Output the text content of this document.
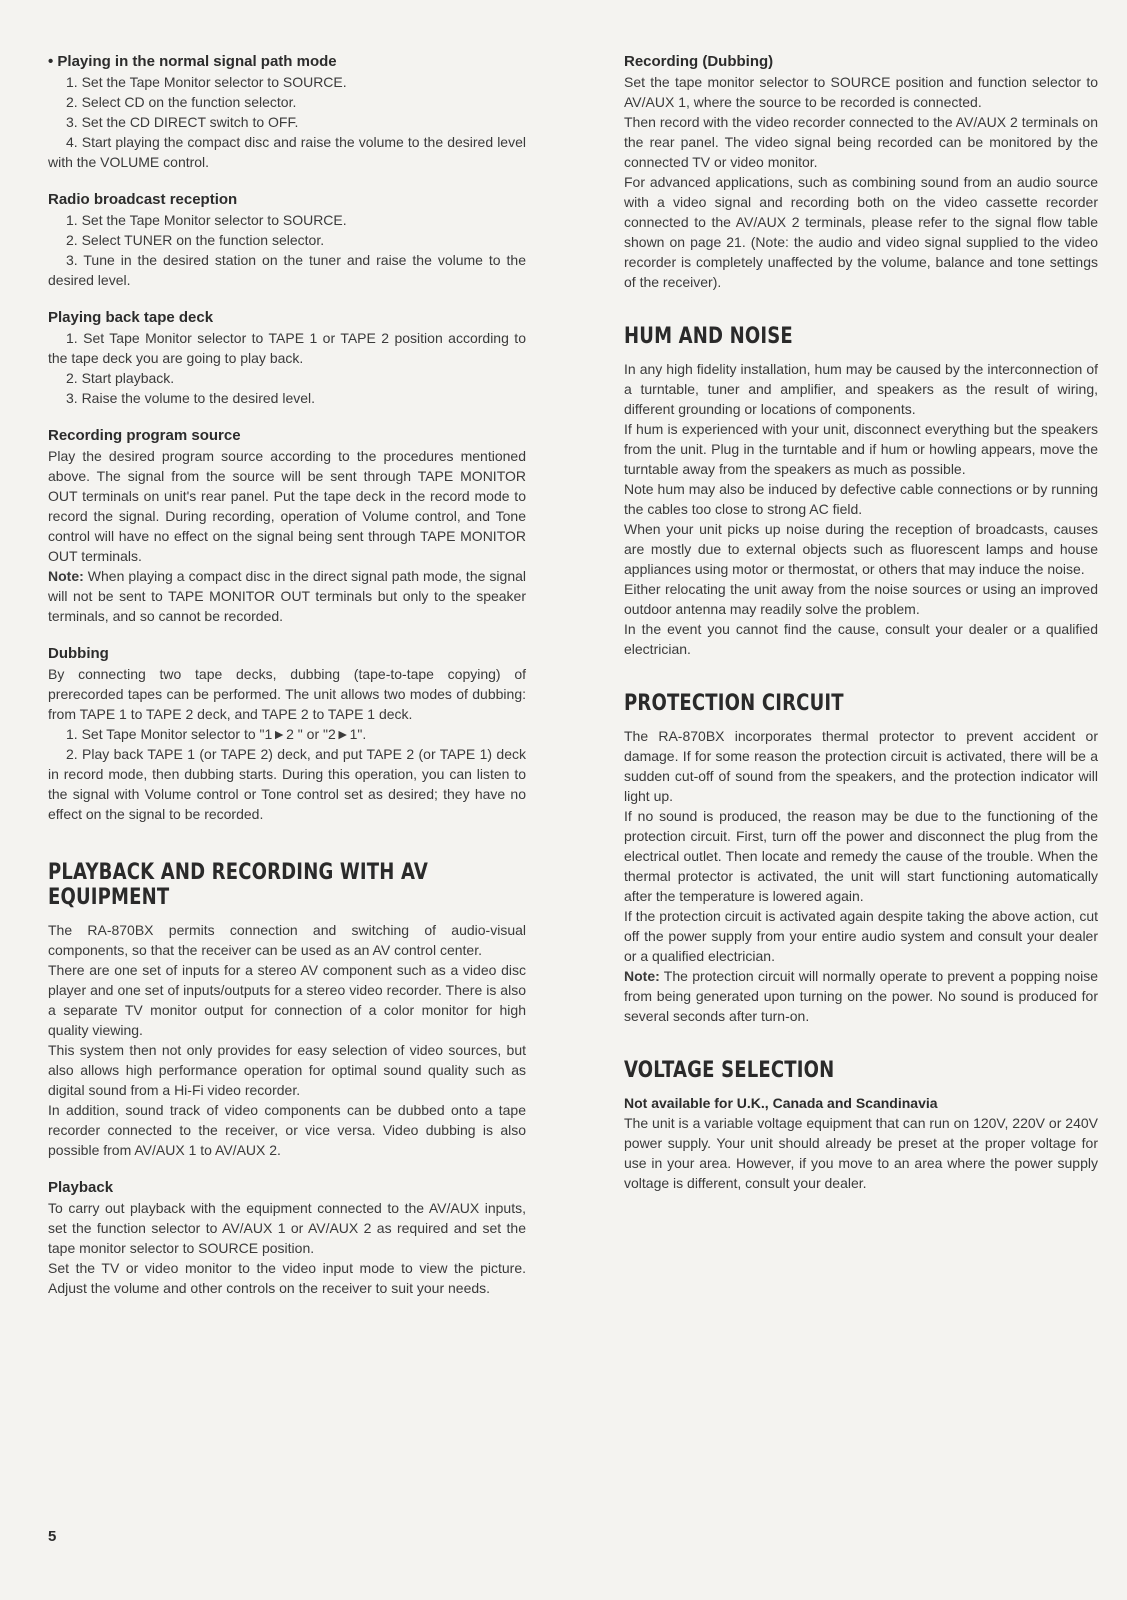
• Playing in the normal signal path mode

1. Set the Tape Monitor selector to SOURCE.

2. Select CD on the function selector.

3. Set the CD DIRECT switch to OFF.

4. Start playing the compact disc and raise the volume to the desired level with the VOLUME control.

Radio broadcast reception

1. Set the Tape Monitor selector to SOURCE.

2. Select TUNER on the function selector.

3. Tune in the desired station on the tuner and raise the volume to the desired level.

Playing back tape deck

1. Set Tape Monitor selector to TAPE 1 or TAPE 2 position according to the tape deck you are going to play back.

2. Start playback.

3. Raise the volume to the desired level.

Recording program source

Play the desired program source according to the procedures mentioned above. The signal from the source will be sent through TAPE MONITOR OUT terminals on unit's rear panel. Put the tape deck in the record mode to record the signal. During recording, operation of Volume control, and Tone control will have no effect on the signal being sent through TAPE MONITOR OUT terminals.

Note: When playing a compact disc in the direct signal path mode, the signal will not be sent to TAPE MONITOR OUT terminals but only to the speaker terminals, and so cannot be recorded.

Dubbing

By connecting two tape decks, dubbing (tape-to-tape copying) of prerecorded tapes can be performed. The unit allows two modes of dubbing: from TAPE 1 to TAPE 2 deck, and TAPE 2 to TAPE 1 deck.

1. Set Tape Monitor selector to "1►2 " or "2►1".

2. Play back TAPE 1 (or TAPE 2) deck, and put TAPE 2 (or TAPE 1) deck in record mode, then dubbing starts. During this operation, you can listen to the signal with Volume control or Tone control set as desired; they have no effect on the signal to be recorded.

PLAYBACK AND RECORDING WITH AV

EQUIPMENT

The RA-870BX permits connection and switching of audio-visual components, so that the receiver can be used as an AV control center.

There are one set of inputs for a stereo AV component such as a video disc player and one set of inputs/outputs for a stereo video recorder. There is also a separate TV monitor output for connection of a color monitor for high quality viewing.

This system then not only provides for easy selection of video sources, but also allows high performance operation for optimal sound quality such as digital sound from a Hi-Fi video recorder.

In addition, sound track of video components can be dubbed onto a tape recorder connected to the receiver, or vice versa. Video dubbing is also possible from AV/AUX 1 to AV/AUX 2.

Playback

To carry out playback with the equipment connected to the AV/AUX inputs, set the function selector to AV/AUX 1 or AV/AUX 2 as required and set the tape monitor selector to SOURCE position.

Set the TV or video monitor to the video input mode to view the picture. Adjust the volume and other controls on the receiver to suit your needs.

Recording (Dubbing)

Set the tape monitor selector to SOURCE position and function selector to AV/AUX 1, where the source to be recorded is connected.

Then record with the video recorder connected to the AV/AUX 2 terminals on the rear panel. The video signal being recorded can be monitored by the connected TV or video monitor.

For advanced applications, such as combining sound from an audio source with a video signal and recording both on the video cassette recorder connected to the AV/AUX 2 terminals, please refer to the signal flow table shown on page 21. (Note: the audio and video signal supplied to the video recorder is completely unaffected by the volume, balance and tone settings of the receiver).

HUM AND NOISE

In any high fidelity installation, hum may be caused by the interconnection of a turntable, tuner and amplifier, and speakers as the result of wiring, different grounding or locations of components.

If hum is experienced with your unit, disconnect everything but the speakers from the unit. Plug in the turntable and if hum or howling appears, move the turntable away from the speakers as much as possible.

Note hum may also be induced by defective cable connections or by running the cables too close to strong AC field.

When your unit picks up noise during the reception of broadcasts, causes are mostly due to external objects such as fluorescent lamps and house appliances using motor or thermostat, or others that may induce the noise.

Either relocating the unit away from the noise sources or using an improved outdoor antenna may readily solve the problem.

In the event you cannot find the cause, consult your dealer or a qualified electrician.

PROTECTION CIRCUIT

The RA-870BX incorporates thermal protector to prevent accident or damage. If for some reason the protection circuit is activated, there will be a sudden cut-off of sound from the speakers, and the protection indicator will light up.

If no sound is produced, the reason may be due to the functioning of the protection circuit. First, turn off the power and disconnect the plug from the electrical outlet. Then locate and remedy the cause of the trouble. When the thermal protector is activated, the unit will start functioning automatically after the temperature is lowered again.

If the protection circuit is activated again despite taking the above action, cut off the power supply from your entire audio system and consult your dealer or a qualified electrician.

Note: The protection circuit will normally operate to prevent a popping noise from being generated upon turning on the power. No sound is produced for several seconds after turn-on.

VOLTAGE SELECTION

Not available for U.K., Canada and Scandinavia

The unit is a variable voltage equipment that can run on 120V, 220V or 240V power supply. Your unit should already be preset at the proper voltage for use in your area. However, if you move to an area where the power supply voltage is different, consult your dealer.

5
